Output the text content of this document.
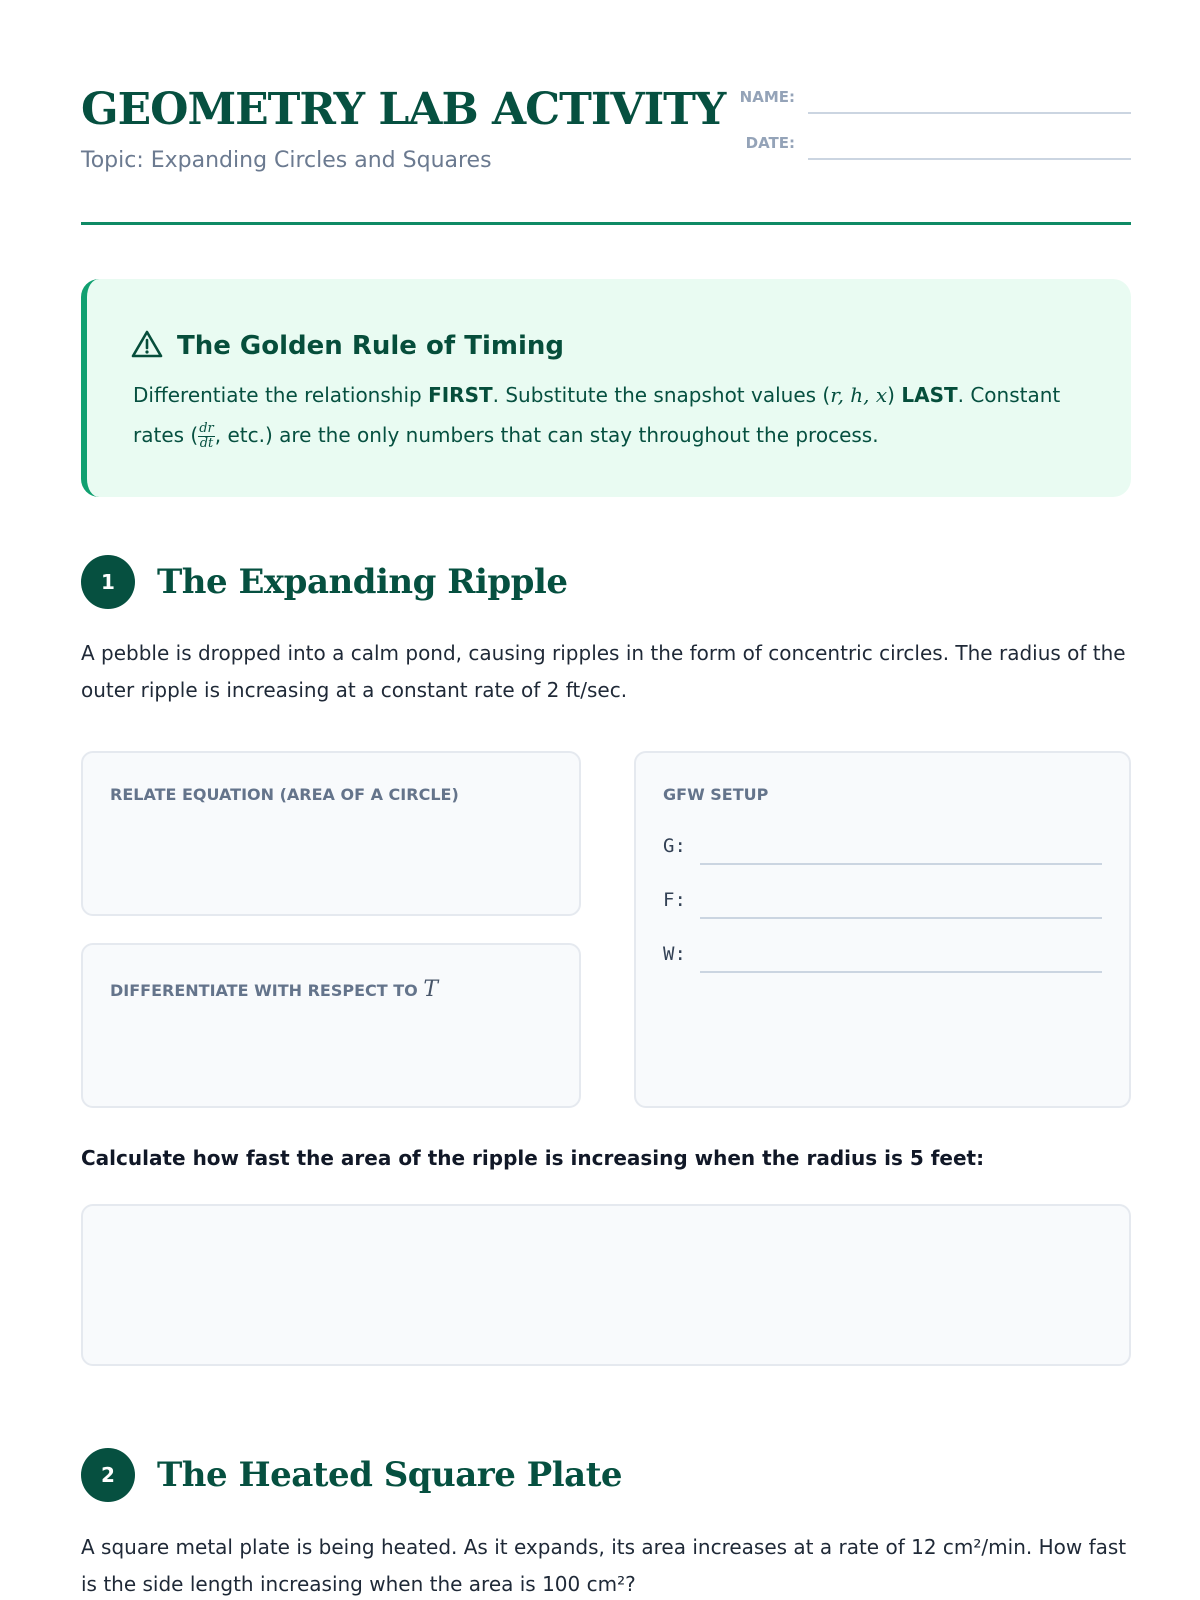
GEOMETRY LAB ACTIVITY
Topic: Expanding Circles and Squares
NAME:
DATE:
The Golden Rule of Timing
Differentiate the relationship FIRST. Substitute the snapshot values (r, h, x) LAST. Constant rates ( $\frac{dr}{dt}$ , etc.) are the only numbers that can stay throughout the process.
1	The Expanding Ripple
A pebble is dropped into a calm pond, causing ripples in the form of concentric circles. The radius of the outer ripple is increasing at a constant rate of 2 ft/sec.
RELATE EQUATION (AREA OF A CIRCLE)
DIFFERENTIATE WITH RESPECT TO T
GFW SETUP
G:
F:
W:
Calculate how fast the area of the ripple is increasing when the radius is 5 feet:
2	The Heated Square Plate
A square metal plate is being heated. As it expands, its area increases at a rate of 12 cm²/min. How fast is the side length increasing when the area is 100 cm²?
